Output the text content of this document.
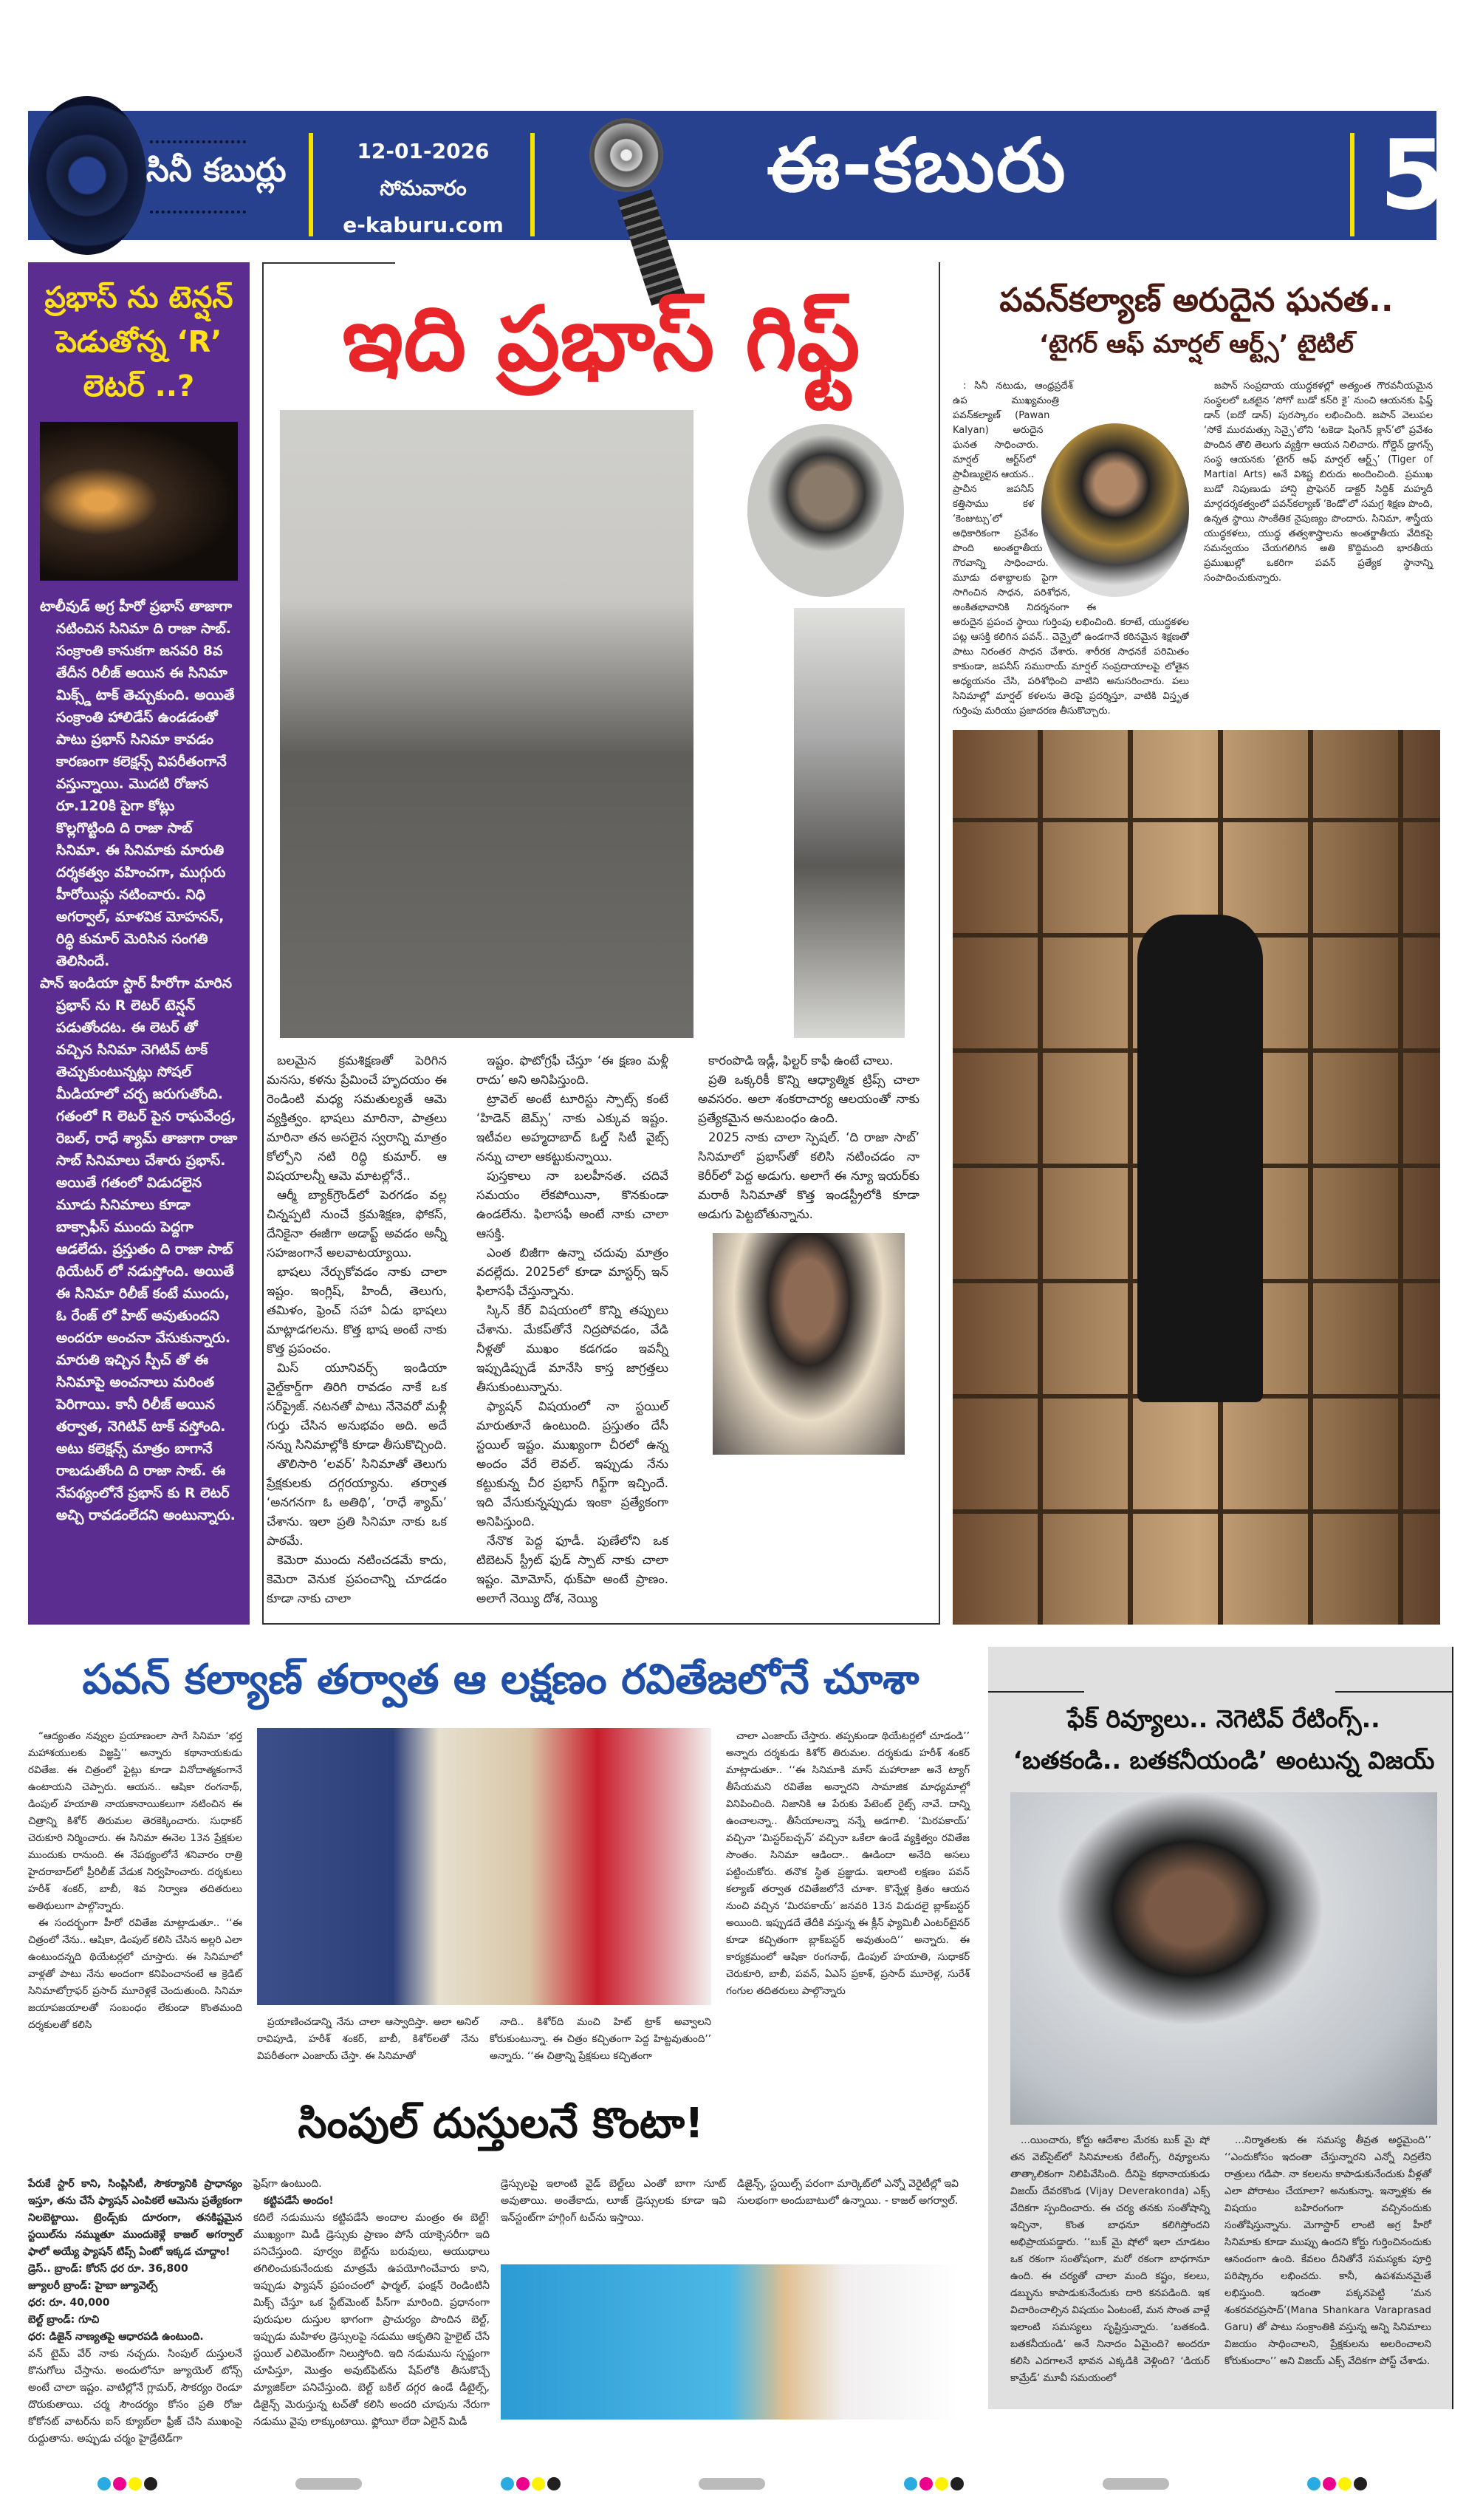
సినీ కబుర్లు
12-01-2026
సోమవారం
e-kaburu.com
ఈ-కబురు	5
ప్రభాస్ ను టెన్షన్ పెడుతోన్న ‘R’ లెటర్ ..?

టాలీవుడ్ అగ్ర హీరో ప్రభాస్ తాజాగా నటించిన సినిమా ది రాజా సాబ్. సంక్రాంతి కానుకగా జనవరి 8వ తేదీన రిలీజ్ అయిన ఈ సినిమా మిక్స్డ్ టాక్ తెచ్చుకుంది. అయితే సంక్రాంతి హాలిడేస్ ఉండడంతో పాటు ప్రభాస్ సినిమా కావడం కారణంగా కలెక్షన్స్ విపరీతంగానే వస్తున్నాయి. మొదటి రోజున రూ.120కి పైగా కోట్లు కొల్లగొట్టింది ది రాజా సాబ్ సినిమా. ఈ సినిమాకు మారుతి దర్శకత్వం వహించగా, ముగ్గురు హీరోయిన్లు నటించారు. నిధి అగర్వాల్, మాళవిక మోహనన్, రిద్ధి కుమార్ మెరిసిన సంగతి తెలిసిందే.

పాన్ ఇండియా స్టార్ హీరోగా మారిన ప్రభాస్ ను R లెటర్ టెన్షన్ పడుతోందట. ఈ లెటర్ తో వచ్చిన సినిమా నెగిటివ్ టాక్ తెచ్చుకుంటున్నట్లు సోషల్ మీడియాలో చర్చ జరుగుతోంది. గతంలో R లెటర్ పైన రాఘవేంద్ర, రెబల్, రాధే శ్యామ్ తాజాగా రాజా సాబ్ సినిమాలు చేశారు ప్రభాస్. అయితే గతంలో విడుదలైన మూడు సినిమాలు కూడా బాక్సాఫీస్ ముందు పెద్దగా ఆడలేదు. ప్రస్తుతం ది రాజా సాబ్ థియేటర్ లో నడుస్తోంది. అయితే ఈ సినిమా రిలీజ్ కంటే ముందు, ఓ రేంజ్ లో హిట్ అవుతుందని అందరూ అంచనా వేసుకున్నారు. మారుతి ఇచ్చిన స్పీచ్ తో ఈ సినిమాపై అంచనాలు మరింత పెరిగాయి. కానీ రిలీజ్ అయిన తర్వాత, నెగిటివ్ టాక్ వస్తోంది. అటు కలెక్షన్స్ మాత్రం బాగానే రాబడుతోంది ది రాజా సాబ్. ఈ నేపథ్యంలోనే ప్రభాస్ కు R లెటర్ అచ్చి రావడంలేదని అంటున్నారు.

ఇది ప్రభాస్ గిఫ్ట్

బలమైన క్రమశిక్షణతో పెరిగిన మనసు, కళను ప్రేమించే హృదయం ఈ రెండింటి మధ్య సమతుల్యతే ఆమె వ్యక్తిత్వం. భాషలు మారినా, పాత్రలు మారినా తన అసలైన స్వరాన్ని మాత్రం కోల్పోని నటి రిద్ధి కుమార్. ఆ విషయాలన్నీ ఆమె మాటల్లోనే..

ఆర్మీ బ్యాక్‌గ్రౌండ్‌లో పెరగడం వల్ల చిన్నప్పటి నుంచే క్రమశిక్షణ, ఫోకస్, దేనికైనా ఈజీగా అడాప్ట్ అవడం అన్నీ సహజంగానే అలవాటయ్యాయి.

భాషలు నేర్చుకోవడం నాకు చాలా ఇష్టం. ఇంగ్లిష్, హిందీ, తెలుగు, తమిళం, ఫ్రెంచ్ సహా ఏడు భాషలు మాట్లాడగలను. కొత్త భాష అంటే నాకు కొత్త ప్రపంచం.

మిస్ యూనివర్స్ ఇండియా వైల్డ్‌కార్డ్‌గా తిరిగి రావడం నాకే ఒక సర్‌ప్రైజ్. నటనతో పాటు నేనెవరో మళ్లీ గుర్తు చేసిన అనుభవం అది. అదే నన్ను సినిమాల్లోకి కూడా తీసుకొచ్చింది.

తొలిసారి ‘లవర్’ సినిమాతో తెలుగు ప్రేక్షకులకు దగ్గరయ్యాను. తర్వాత ‘అనగనగా ఓ అతిథి’, ‘రాధే శ్యామ్’ చేశాను. ఇలా ప్రతి సినిమా నాకు ఒక పాఠమే.

కెమెరా ముందు నటించడమే కాదు, కెమెరా వెనుక ప్రపంచాన్ని చూడడం కూడా నాకు చాలా

ఇష్టం. ఫొటోగ్రఫీ చేస్తూ ‘ఈ క్షణం మళ్లీ రాదు’ అని అనిపిస్తుంది.

ట్రావెల్ అంటే టూరిస్టు స్పాట్స్ కంటే ‘హిడెన్ జెమ్స్’ నాకు ఎక్కువ ఇష్టం. ఇటీవల అహ్మదాబాద్ ఓల్డ్ సిటీ వైబ్స్ నన్ను చాలా ఆకట్టుకున్నాయి.

పుస్తకాలు నా బలహీనత. చదివే సమయం లేకపోయినా, కొనకుండా ఉండలేను. ఫిలాసఫీ అంటే నాకు చాలా ఆసక్తి.

ఎంత బిజీగా ఉన్నా చదువు మాత్రం వదల్లేదు. 2025లో కూడా మాస్టర్స్ ఇన్ ఫిలాసఫీ చేస్తున్నాను.

స్కిన్ కేర్ విషయంలో కొన్ని తప్పులు చేశాను. మేకప్‌తోనే నిద్రపోవడం, వేడి నీళ్లతో ముఖం కడగడం ఇవన్నీ ఇప్పుడిప్పుడే మానేసి కాస్త జాగ్రత్తలు తీసుకుంటున్నాను.

ఫ్యాషన్ విషయంలో నా స్టయిల్ మారుతూనే ఉంటుంది. ప్రస్తుతం దేసీ స్టయిల్ ఇష్టం. ముఖ్యంగా చీరలో ఉన్న అందం వేరే లెవల్. ఇప్పుడు నేను కట్టుకున్న చీర ప్రభాస్ గిఫ్ట్‌గా ఇచ్చిందే. ఇది వేసుకున్నప్పుడు ఇంకా ప్రత్యేకంగా అనిపిస్తుంది.

నేనొక పెద్ద ఫూడీ. పుణేలోని ఒక టిబెటన్ స్ట్రీట్ ఫుడ్ స్పాట్ నాకు చాలా ఇష్టం. మోమోస్, థుక్‌పా అంటే ప్రాణం. అలాగే నెయ్యి దోశ, నెయ్యి

కారంపొడి ఇడ్లీ, ఫిల్టర్ కాఫీ ఉంటే చాలు.

ప్రతి ఒక్కరికీ కొన్ని ఆధ్యాత్మిక ట్రిప్స్ చాలా అవసరం. అలా శంకరాచార్య ఆలయంతో నాకు ప్రత్యేకమైన అనుబంధం ఉంది.

2025 నాకు చాలా స్పెషల్. ‘ది రాజా సాబ్’ సినిమాలో ప్రభాస్‌తో కలిసి నటించడం నా కెరీర్‌లో పెద్ద అడుగు. అలాగే ఈ న్యూ ఇయర్‌కు మరాఠీ సినిమాతో కొత్త ఇండస్ట్రీలోకి కూడా అడుగు పెట్టబోతున్నాను.

పవన్‌కల్యాణ్ అరుదైన ఘనత..
‘టైగర్ ఆఫ్ మార్షల్ ఆర్ట్స్’ టైటిల్

: సినీ నటుడు, ఆంధ్రప్రదేశ్ ఉప ముఖ్యమంత్రి పవన్‌కల్యాణ్ (Pawan Kalyan) అరుదైన ఘనత సాధించారు. మార్షల్ ఆర్ట్‌స్‌లో ప్రావీణ్యులైన ఆయన.. ప్రాచీన జపనీస్ కత్తిసాము కళ ‘కెంజుట్సు’లో అధికారికంగా ప్రవేశం పొంది అంతర్జాతీయ గౌరవాన్ని సాధించారు. మూడు దశాబ్దాలకు పైగా సాగించిన సాధన, పరిశోధన, అంకితభావానికి నిదర్శనంగా ఈ అరుదైన ప్రపంచ స్థాయి గుర్తింపు లభించింది. కరాటే, యుద్ధకళల పట్ల ఆసక్తి కలిగిన పవన్.. చెన్నైలో ఉండగానే కఠినమైన శిక్షణతో పాటు నిరంతర సాధన చేశారు. శారీరక సాధనకే పరిమితం కాకుండా, జపనీస్ సమురాయ్ మార్షల్ సంప్రదాయాలపై లోతైన అధ్యయనం చేసి, పరిశోధించి వాటిని అనుసరించారు. పలు సినిమాల్లో మార్షల్ కళలను తెరపై ప్రదర్శిస్తూ, వాటికి విస్తృత గుర్తింపు మరియు ప్రజాదరణ తీసుకొచ్చారు.

జపాన్ సంప్రదాయ యుద్ధకళల్లో అత్యంత గౌరవనీయమైన సంస్థలలో ఒకటైన ‘సోగో బుడో కన్‌రి కై’ నుంచి ఆయనకు ఫిఫ్త్ డాన్ (ఐదో డాన్) పురస్కారం లభించింది. జపాన్ వెలుపల ‘సోకే మురమత్సు సెన్సై’లోని ‘టకెడా షింగెన్ క్లాన్’లో ప్రవేశం పొందిన తొలి తెలుగు వ్యక్తిగా ఆయన నిలిచారు. గోల్డెన్ డ్రాగన్స్ సంస్థ ఆయనకు ‘టైగర్ ఆఫ్ మార్షల్ ఆర్ట్స్’ (Tiger of Martial Arts) అనే విశిష్ట బిరుదు అందించింది. ప్రముఖ బుడో నిపుణుడు హాన్షి ప్రొఫెసర్ డాక్టర్ సిద్ధిక్ మహ్మదీ మార్గదర్శకత్వంలో పవన్‌కల్యాణ్ ‘కెండో’లో సమగ్ర శిక్షణ పొంది, ఉన్నత స్థాయి సాంకేతిక నైపుణ్యం పొందారు. సినిమా, శాస్త్రీయ యుద్ధకళలు, యుద్ధ తత్వశాస్త్రాలను అంతర్జాతీయ వేదికపై సమన్వయం చేయగలిగిన అతి కొద్దిమంది భారతీయ ప్రముఖుల్లో ఒకరిగా పవన్ ప్రత్యేక స్థానాన్ని సంపాదించుకున్నారు.

పవన్ కల్యాణ్ తర్వాత ఆ లక్షణం రవితేజలోనే చూశా

“ఆద్యంతం నవ్వుల ప్రయాణంలా సాగే సినిమా ‘భర్త మహాశయులకు విజ్ఞప్తి’’ అన్నారు కథానాయకుడు రవితేజ. ఈ చిత్రంలో ఫైట్లు కూడా వినోదాత్మకంగానే ఉంటాయని చెప్పారు. ఆయన.. ఆషికా రంగనాథ్, డింపుల్ హయాతి నాయకానాయికలుగా నటించిన ఈ చిత్రాన్ని కిశోర్ తిరుమల తెరకెక్కించారు. సుధాకర్ చెరుకూరి నిర్మించారు. ఈ సినిమా ఈనెల 13న ప్రేక్షకుల ముందుకు రానుంది. ఈ నేపథ్యంలోనే శనివారం రాత్రి హైదరాబాద్‌లో ప్రీరిలీజ్ వేడుక నిర్వహించారు. దర్శకులు హరీశ్ శంకర్, బాబీ, శివ నిర్వాణ తదితరులు అతిథులుగా పాల్గొన్నారు.

ఈ సందర్భంగా హీరో రవితేజ మాట్లాడుతూ.. ‘‘ఈ చిత్రంలో నేను.. ఆషికా, డింపుల్ కలిసి చేసిన అల్లరి ఎలా ఉంటుందన్నది థియేటర్లలో చూస్తారు. ఈ సినిమాలో వాళ్లతో పాటు నేను అందంగా కనిపించానంటే ఆ క్రెడిట్ సినిమాటోగ్రాఫర్ ప్రసాద్ మూరెళ్లకే చెందుతుంది. సినిమా జయాపజయాలతో సంబంధం లేకుండా కొంతమంది దర్శకులతో కలిసి	ప్రయాణించడాన్ని నేను చాలా ఆస్వాదిస్తా. అలా అనిల్ రావిపూడి, హరీశ్ శంకర్, బాబీ, కిశోర్‌లతో నేను విపరీతంగా ఎంజాయ్ చేస్తా. ఈ సినిమాతో

నాది.. కిశోర్‌ది మంచి హిట్ ట్రాక్ అవ్వాలని కోరుకుంటున్నా. ఈ చిత్రం కచ్చితంగా పెద్ద హిట్టవుతుంది’’ అన్నారు. ‘‘ఈ చిత్రాన్ని ప్రేక్షకులు కచ్చితంగా

చాలా ఎంజాయ్ చేస్తారు. తప్పకుండా థియేటర్లలో చూడండి’’ అన్నారు దర్శకుడు కిశోర్ తిరుమల. దర్శకుడు హరీశ్ శంకర్ మాట్లాడుతూ.. ‘‘ఈ సినిమాకి మాస్ మహారాజా అనే ట్యాగ్ తీసేయమని రవితేజ అన్నారని సామాజిక మాధ్యమాల్లో వినిపించింది. నిజానికి ఆ పేరుకు పేటెంట్ రైట్స్ నావే. దాన్ని ఉంచాలన్నా.. తీసేయాలన్నా నన్నే అడగాలి. ‘మిరపకాయ్’ వచ్చినా ‘మిస్టర్‌బచ్చన్’ వచ్చినా ఒకేలా ఉండే వ్యక్తిత్వం రవితేజ సొంతం. సినిమా ఆడిందా.. ఊడిందా అనేది అసలు పట్టించుకోరు. తనొక స్థిత ప్రజ్ఞుడు. ఇలాంటి లక్షణం పవన్ కల్యాణ్ తర్వాత రవితేజలోనే చూశా. కొన్నేళ్ల క్రితం ఆయన నుంచి వచ్చిన ‘మిరపకాయ్’ జనవరి 13న విడుదలై బ్లాక్‌బస్టర్ అయింది. ఇప్పుడదే తేదీకి వస్తున్న ఈ క్లీన్ ఫ్యామిలీ ఎంటర్‌టైనర్ కూడా కచ్చితంగా బ్లాక్‌బస్టర్ అవుతుంది’’ అన్నారు. ఈ కార్యక్రమంలో ఆషికా రంగనాథ్, డింపుల్ హయాతి, సుధాకర్ చెరుకూరి, బాబీ, పవన్, ఏఎస్ ప్రకాశ్, ప్రసాద్ మూరెళ్ల, సురేశ్ గంగుల తదితరులు పాల్గొన్నారు

సింపుల్ దుస్తులనే కొంటా!

పేరుకే స్టార్ కాని, సింప్లిసిటీ, సౌకర్యానికి ప్రాధాన్యం ఇస్తూ, తను చేసే ఫ్యాషన్ ఎంపికలే ఆమెను ప్రత్యేకంగా నిలబెట్టాయి. ట్రెండ్స్‌కు దూరంగా, తనకిష్టమైన స్టయిల్‌ను నమ్ముతూ ముందుకెళ్లే కాజల్ అగర్వాల్ ఫాలో అయ్యే ఫ్యాషన్ టిప్స్ ఏంటో ఇక్కడ చూద్దాం!

డ్రెస్.. బ్రాండ్: కోరస్ ధర రూ. 36,800

జ్యూలరీ బ్రాండ్: హైబా జ్యూవెల్స్

ధర: రూ. 40,000

బెల్ట్ బ్రాండ్: గూచి

ధర: డిజైన్ నాణ్యతపై ఆధారపడి ఉంటుంది.

వన్ టైమ్ వేర్ నాకు నచ్చదు. సింపుల్ దుస్తులనే కొనుగోలు చేస్తాను. అందులోనూ జ్యూయెల్ టోన్స్ అంటే చాలా ఇష్టం. వాటిల్లోనే గ్లామర్, సౌకర్యం రెండూ దొరుకుతాయి. చర్మ సౌందర్యం కోసం ప్రతి రోజు కోకోనట్ వాటర్‌ను ఐస్ క్యూబ్‌లా ఫ్రీజ్ చేసి ముఖంపై రుద్దుతాను. అప్పుడు చర్మం హైడ్రేటెడ్‌గా

ఫ్రెష్‌గా ఉంటుంది.

కట్టిపడేసే అందం!

కదిలే నడుమును కట్టిపడేసే అందాల మంత్రం ఈ బెల్ట్! ముఖ్యంగా మిడీ డ్రెస్సుకు ప్రాణం పోసే యాక్సెసరీగా ఇది పనిచేస్తుంది. పూర్వం బెల్ట్‌ను బరువులు, ఆయుధాలు తగిలించుకునేందుకు మాత్రమే ఉపయోగించేవారు కాని, ఇప్పుడు ఫ్యాషన్ ప్రపంచంలో ఫార్మల్, ఫంక్షన్ రెండింటినీ మిక్స్ చేస్తూ ఒక స్టేట్‌మెంట్ పీస్‌గా మారింది. ప్రధానంగా పురుషుల దుస్తుల భాగంగా ప్రాచుర్యం పొందిన బెల్ట్, ఇప్పుడు మహిళల డ్రెస్సులపై నడుము ఆకృతిని హైలైట్ చేసే స్టయిల్ ఎలిమెంట్‌గా నిలుస్తోంది. ఇది నడుమును స్పష్టంగా చూపిస్తూ, మొత్తం అవుట్‌ఫిట్‌ను షేప్‌లోకి తీసుకొచ్చే మ్యాజిక్‌లా పనిచేస్తుంది. బెల్ట్ బకిల్ దగ్గర ఉండే డీటైల్స్, డిజైన్స్ మెరుస్తున్న టచ్‌తో కలిసి అందరి చూపును నేరుగా నడుము వైపు లాక్కుంటాయి. ఫ్లోయీ లేదా ఏలైన్ మిడీ

డ్రెస్సులపై ఇలాంటి వైడ్ బెల్ట్‌లు ఎంతో బాగా సూట్ అవుతాయి. అంతేకాదు, లూజ్ డ్రెస్సులకు కూడా ఇవి ఇన్‌స్టంట్‌గా హగ్గింగ్ టచ్‌ను ఇస్తాయి.

డిజైన్స్, స్టయిల్స్ పరంగా మార్కెట్‌లో ఎన్నో వెరైటీల్లో ఇవి సులభంగా అందుబాటులో ఉన్నాయి. - కాజల్ అగర్వాల్.

ఫేక్ రివ్యూలు.. నెగెటివ్ రేటింగ్స్.. ‘బతకండి.. బతకనీయండి’ అంటున్న విజయ్

...యించారు, కోర్టు ఆదేశాల మేరకు బుక్ మై షో తన వెబ్‌సైట్‌లో సినిమాలకు రేటింగ్స్, రివ్యూలను తాత్కాలికంగా నిలిపివేసింది. దీనిపై కథానాయకుడు విజయ్ దేవరకొండ (Vijay Deverakonda) ఎక్స్ వేదికగా స్పందించారు. ఈ చర్య తనకు సంతోషాన్ని ఇచ్చినా, కొంత బాధనూ కలిగిస్తోందని అభిప్రాయపడ్డారు. ‘‘బుక్ మై షోలో ఇలా చూడటం ఒక రకంగా సంతోషంగా, మరో రకంగా బాధగానూ ఉంది. ఈ చర్యతో చాలా మంది కష్టం, కలలు, డబ్బును కాపాడుకునేందుకు దారి కనపడింది. ఇక విచారించాల్సిన విషయం ఏంటంటే, మన సొంత వాళ్లే ఇలాంటి సమస్యలు సృష్టిస్తున్నారు. ‘బతకండి. బతకనీయండి’ అనే నినాదం ఏమైంది? అందరూ కలిసి ఎదగాలనే భావన ఎక్కడికి వెళ్లింది? ‘డియర్ కామ్రేడ్’ మూవీ సమయంలో

...నిర్మాతలకు ఈ సమస్య తీవ్రత అర్థమైంది’’ ‘‘ఎందుకోసం ఇదంతా చేస్తున్నారని ఎన్నో నిద్రలేని రాత్రులు గడిపా. నా కలలను కాపాడుకునేందుకు వీళ్లతో ఎలా పోరాటం చేయాలా? అనుకున్నా. ఇన్నాళ్లకు ఈ విషయం బహిరంగంగా వచ్చినందుకు సంతోషిస్తున్నాను. మెగాస్టార్ లాంటి అగ్ర హీరో సినిమాకు కూడా ముప్పు ఉందని కోర్టు గుర్తించినందుకు ఆనందంగా ఉంది. కేవలం దీనితోనే సమస్యకు పూర్తి పరిష్కారం లభించదు. కానీ, ఉపశమనమైతే లభిస్తుంది. ఇదంతా పక్కనపెట్టి ‘మన శంకరవరప్రసాద్’(Mana Shankara Varaprasad Garu) తో పాటు సంక్రాంతికి వస్తున్న అన్ని సినిమాలు విజయం సాధించాలని, ప్రేక్షకులను అలరించాలని కోరుకుందాం’’ అని విజయ్ ఎక్స్ వేదికగా పోస్ట్ చేశాడు.
